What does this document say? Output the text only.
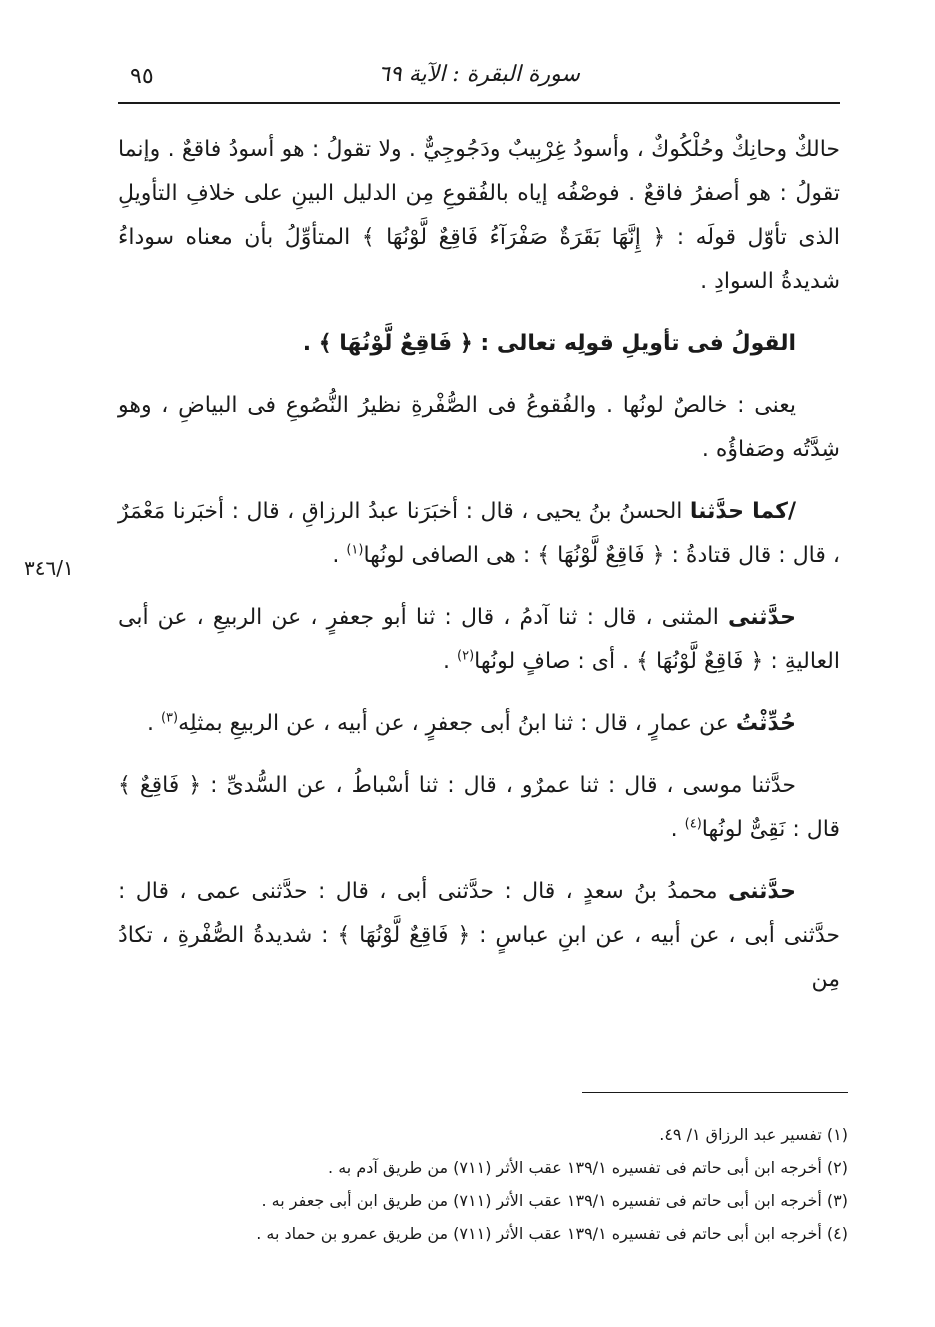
٩٥	سورة البقرة : الآية ٦٩
٣٤٦/١

حالكٌ وحانِكٌ وحُلْكُوكٌ ، وأسودُ غِرْبِيبٌ ودَجُوجِيٌّ . ولا تقولُ : هو أسودُ فاقعٌ . وإنما تقولُ : هو أصفرُ فاقعٌ . فوصْفُه إياه بالفُقوعِ مِن الدليل البينِ على خلافِ التأويلِ الذى تأوّل قولَه : ﴿ إِنَّهَا بَقَرَةٌ صَفْرَآءُ فَاقِعٌ لَّوْنُهَا ﴾ المتأوِّلُ بأن معناه سوداءُ شديدةُ السوادِ .

القولُ فى تأويلِ قولِه تعالى : ﴿ فَاقِعٌ لَّوْنُهَا ﴾ .

يعنى : خالصٌ لونُها . والفُقوعُ فى الصُّفْرةِ نظيرُ النُّصُوعِ فى البياضِ ، وهو شِدَّتُه وصَفاؤُه .

/كما حدَّثنا الحسنُ بنُ يحيى ، قال : أخبَرَنا عبدُ الرزاقِ ، قال : أخبَرنا مَعْمَرٌ ، قال : قال قتادةُ : ﴿ فَاقِعٌ لَّوْنُهَا ﴾ : هى الصافى لونُها$^{(١)}$ .

حدَّثنى المثنى ، قال : ثنا آدمُ ، قال : ثنا أبو جعفرٍ ، عن الربيعِ ، عن أبى العاليةِ : ﴿ فَاقِعٌ لَّوْنُهَا ﴾ . أى : صافٍ لونُها$^{(٢)}$ .

حُدِّثْتُ عن عمارٍ ، قال : ثنا ابنُ أبى جعفرٍ ، عن أبيه ، عن الربيعِ بمثلِه$^{(٣)}$ .

حدَّثنا موسى ، قال : ثنا عمرٌو ، قال : ثنا أسْباطُ ، عن السُّدىِّ : ﴿ فَاقِعٌ ﴾ قال : نَقِىٌّ لونُها$^{(٤)}$ .

حدَّثنى محمدُ بنُ سعدٍ ، قال : حدَّثنى أبى ، قال : حدَّثنى عمى ، قال : حدَّثنى أبى ، عن أبيه ، عن ابنِ عباسٍ : ﴿ فَاقِعٌ لَّوْنُهَا ﴾ : شديدةُ الصُّفْرةِ ، تكادُ مِن

(١) تفسير عبد الرزاق ١/ ٤٩.

(٢) أخرجه ابن أبى حاتم فى تفسيره ١٣٩/١ عقب الأثر (٧١١) من طريق آدم به .

(٣) أخرجه ابن أبى حاتم فى تفسيره ١٣٩/١ عقب الأثر (٧١١) من طريق ابن أبى جعفر به .

(٤) أخرجه ابن أبى حاتم فى تفسيره ١٣٩/١ عقب الأثر (٧١١) من طريق عمرو بن حماد به .
